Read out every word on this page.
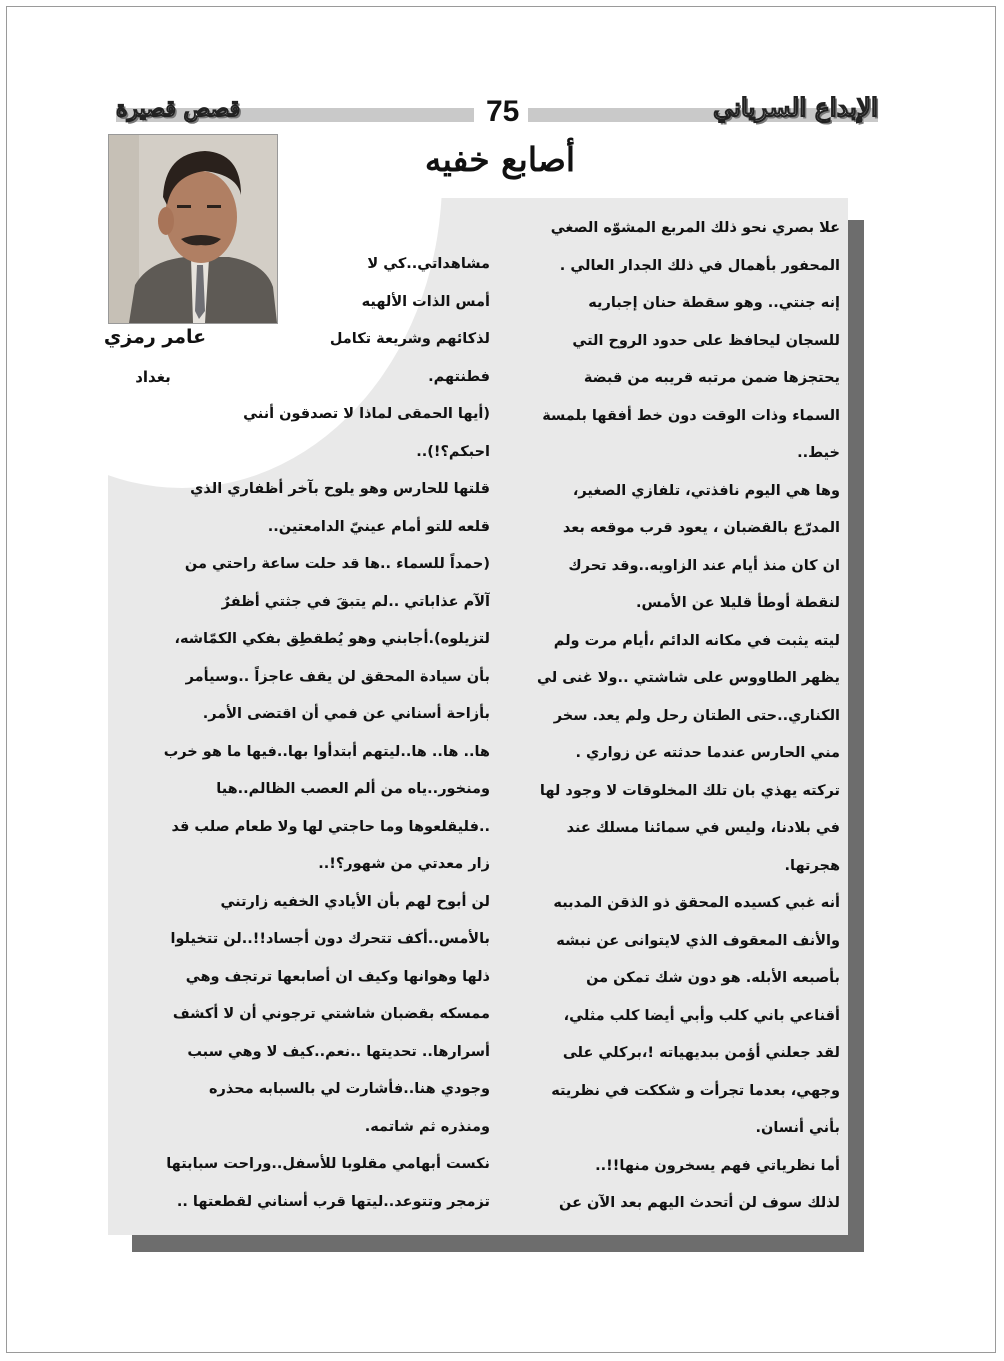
قصص قصيرة	الإبداع السرياني
75
أصابع خفيه
عامر رمزي
بغداد
علا بصري نحو ذلك المربع المشوّه الصغي
المحفور بأهمال في ذلك الجدار العالي .
إنه جنتي.. وهو سقطة حنان إجباريه
للسجان ليحافظ على حدود الروح التي
يحتجزها ضمن مرتبه قريبه من قبضة
السماء وذات الوقت دون خط أفقها بلمسة
خيط..
وها هي اليوم نافذتي، تلفازي الصغير،
المدرّع بالقضبان ، يعود قرب موقعه بعد
ان كان منذ أيام عند الزاويه..وقد تحرك
لنقطة أوطأ قليلا عن الأمس.
ليته يثبت في مكانه الدائم ،أيام مرت ولم
يظهر الطاووس على شاشتي ..ولا غنى لي
الكناري..حتى الطتان رحل ولم يعد. سخر
مني الحارس عندما حدثته عن زواري .
تركته يهذي بان تلك المخلوقات لا وجود لها
في بلادنا، وليس في سمائنا مسلك عند
هجرتها.
أنه غبي كسيده المحقق ذو الذقن المدببه
والأنف المعقوف الذي لايتوانى عن نبشه
بأصبعه الأبله. هو دون شك تمكن من
أقناعي باني كلب وأبي أيضا كلب مثلي،
لقد جعلني أؤمن ببديهياته !،بركلي على
وجهي، بعدما تجرأت و شككت في نظريته
بأني أنسان.
أما نظرياتي فهم يسخرون منها!!..
لذلك سوف لن أتحدث اليهم بعد الآن عن
مشاهداتي..كي لا
أمس الذات الألهيه
لذكائهم وشريعة تكامل
فطنتهم.
(أيها الحمقى لماذا لا تصدقون أنني
احبكم؟!)..
قلتها للحارس وهو يلوح بآخر أظفاري الذي
قلعه للتو أمام عينيّ الدامعتين..
(حمداً للسماء ..ها قد حلت ساعة راحتي من
آلآم عذاباتي ..لم يتبقَ في جثتي أظفرٌ
لتزيلوه).أجابني وهو يُطقطِق بفكي الكمّاشه،
بأن سيادة المحقق لن يقف عاجزاً ..وسيأمر
بأزاحة أسناني عن فمي أن اقتضى الأمر.
ها.. ها.. ها..ليتهم أبتدأوا بها..فيها ما هو خرب
ومنخور..ياه من ألم العصب الظالم..هيا
..فليقلعوها وما حاجتي لها ولا طعام صلب قد
زار معدتي من شهور؟!..
لن أبوح لهم بأن الأيادي الخفيه زارتني
بالأمس..أكف تتحرك دون أجساد!!..لن تتخيلوا
ذلها وهوانها وكيف ان أصابعها ترتجف وهي
ممسكه بقضبان شاشتي ترجوني أن لا أكشف
أسرارها.. تحديتها ..نعم..كيف لا وهي سبب
وجودي هنا..فأشارت لي بالسبابه محذره
ومنذره ثم شاتمه.
نكست أبهامي مقلوبا للأسفل..وراحت سبابتها
تزمجر وتتوعد..ليتها قرب أسناني لقطعتها ..
